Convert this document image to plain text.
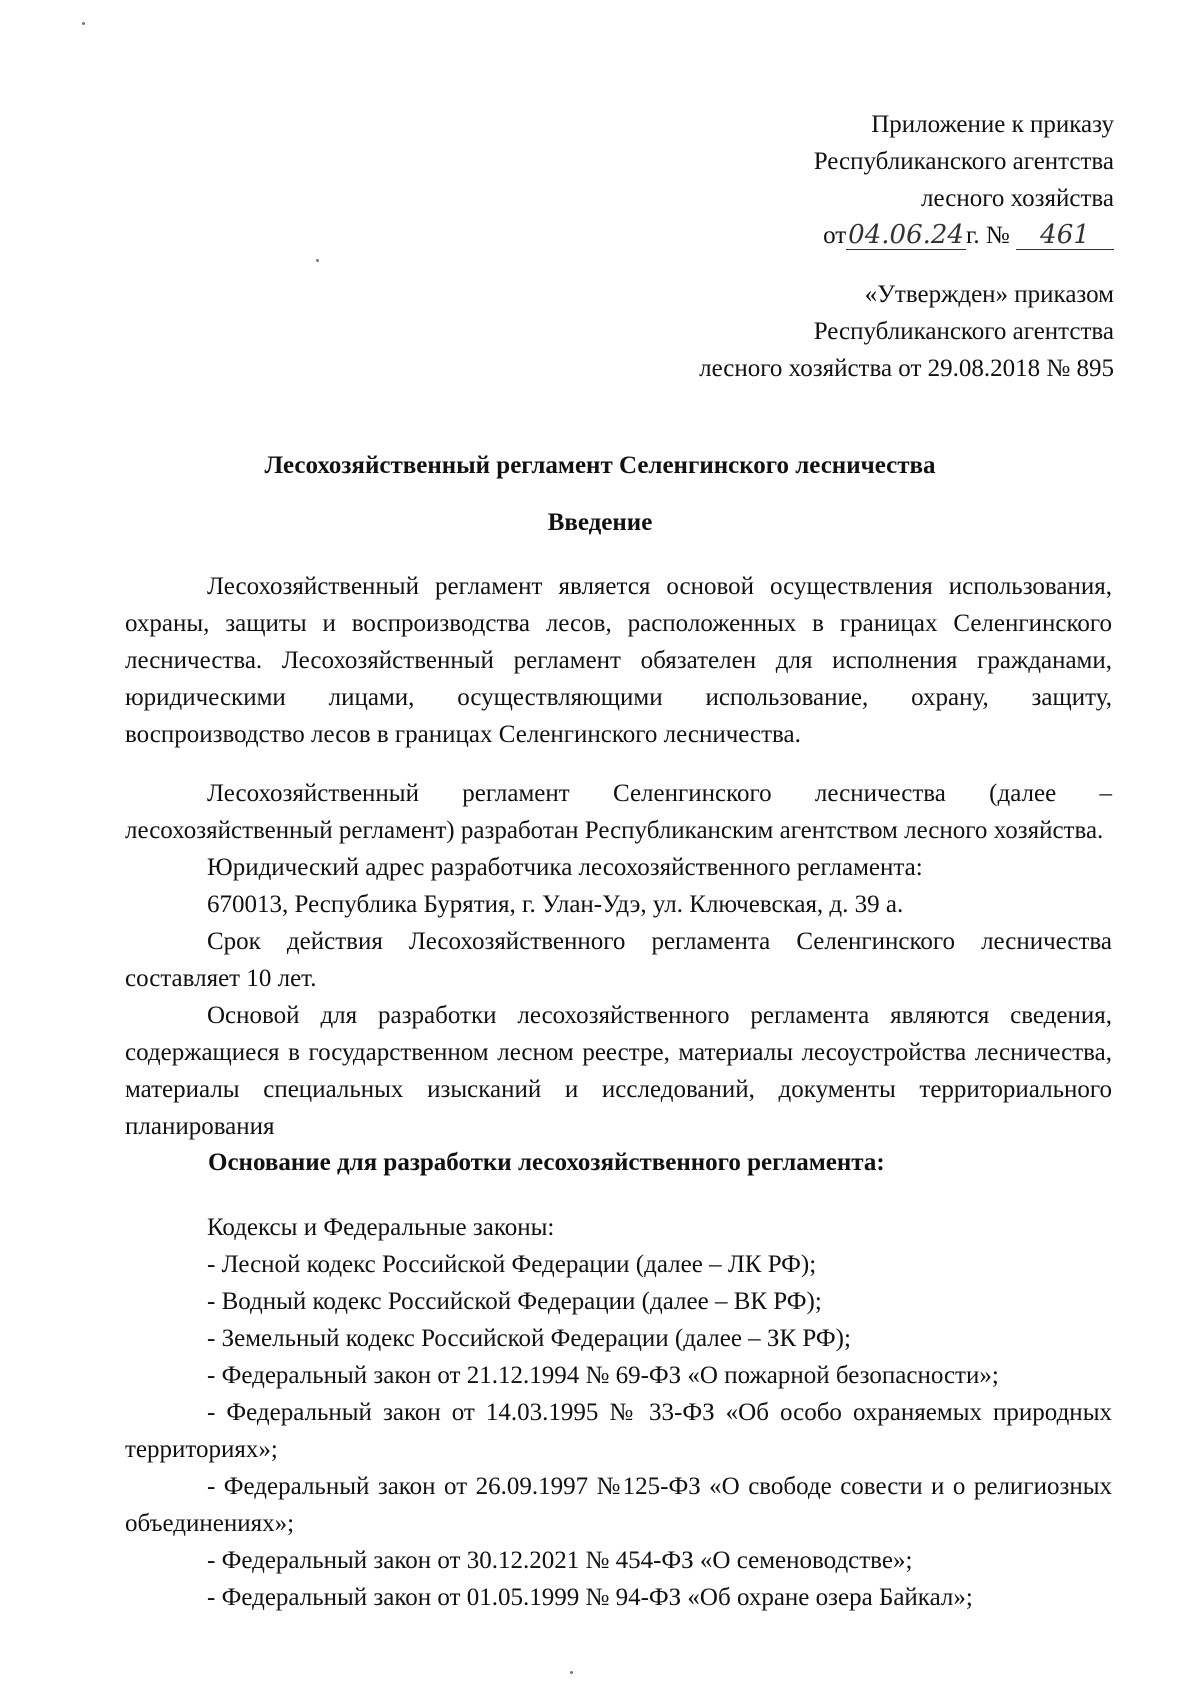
Приложение к приказу
Республиканского агентства
лесного хозяйства
от04.06.24г. № 461
«Утвержден» приказом
Республиканского агентства
лесного хозяйства от 29.08.2018 № 895
Лесохозяйственный регламент Селенгинского лесничества
Введение

Лесохозяйственный регламент является основой осуществления использования, охраны, защиты и воспроизводства лесов, расположенных в границах Селенгинского лесничества. Лесохозяйственный регламент обязателен для исполнения гражданами, юридическими лицами, осуществляющими использование, охрану, защиту, воспроизводство лесов в границах Селенгинского лесничества.

Лесохозяйственный регламент Селенгинского лесничества (далее – лесохозяйственный регламент) разработан Республиканским агентством лесного хозяйства.

Юридический адрес разработчика лесохозяйственного регламента:

670013, Республика Бурятия, г. Улан-Удэ, ул. Ключевская, д. 39 а.

Срок действия Лесохозяйственного регламента Селенгинского лесничества составляет 10 лет.

Основой для разработки лесохозяйственного регламента являются сведения, содержащиеся в государственном лесном реестре, материалы лесоустройства лесничества, материалы специальных изысканий и исследований, документы территориального планирования

Основание для разработки лесохозяйственного регламента:

Кодексы и Федеральные законы:

- Лесной кодекс Российской Федерации (далее – ЛК РФ);

- Водный кодекс Российской Федерации (далее – ВК РФ);

- Земельный кодекс Российской Федерации (далее – ЗК РФ);

- Федеральный закон от 21.12.1994 № 69-ФЗ «О пожарной безопасности»;

- Федеральный закон от 14.03.1995 № 33-ФЗ «Об особо охраняемых природных территориях»;

- Федеральный закон от 26.09.1997 №125-ФЗ «О свободе совести и о религиозных объединениях»;

- Федеральный закон от 30.12.2021 № 454-ФЗ «О семеноводстве»;

- Федеральный закон от 01.05.1999 № 94-ФЗ «Об охране озера Байкал»;
